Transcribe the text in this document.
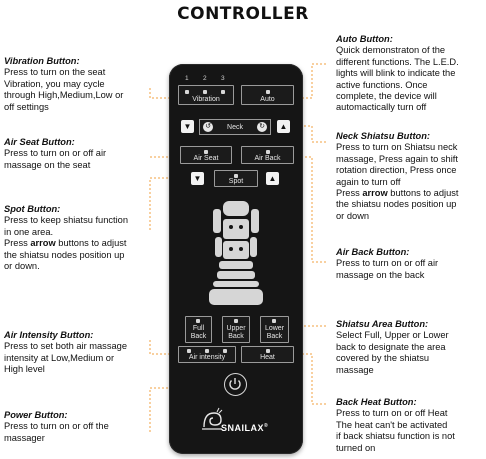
CONTROLLER
Vibration Button:
Press to turn on the seat
Vibration, you may cycle
through High,Medium,Low or
off settings
Air Seat Button:
Press to turn on or off air
massage on the seat
Spot Button:
Press to keep shiatsu function
in one area.
Press arrow buttons to adjust
the shiatsu nodes position up
or down.
Air Intensity Button:
Press to set both air massage
intensity at Low,Medium or
High level
Power Button:
Press to turn on or off the
massager
Auto Button:
Quick demonstraton of the
different functions. The L.E.D.
lights will blink to indicate the
active functions. Once
complete, the device will
automactically turn off
Neck Shiatsu Button:
Press to turn on Shiatsu neck
massage, Press again to shift
rotation direction, Press once
again to turn off
Press arrow buttons to adjust
the shiatsu nodes position up
or down
Air Back Button:
Press to turn on or off air
massage on the back
Shiatsu Area Button:
Select Full, Upper or Lower
back to designate the area
covered by the shiatsu
massage
Back Heat Button:
Press to turn on or off Heat
The heat can't be activated
if back shiatsu function is not
turned on
1 2 3
Vibration	Auto
▼	↺	Neck	↻	▲
Air Seat	Air Back
▼	Spot	▲
Full
Back
Upper
Back
Lower
Back
Air intensity	Heat
SNAILAX®
